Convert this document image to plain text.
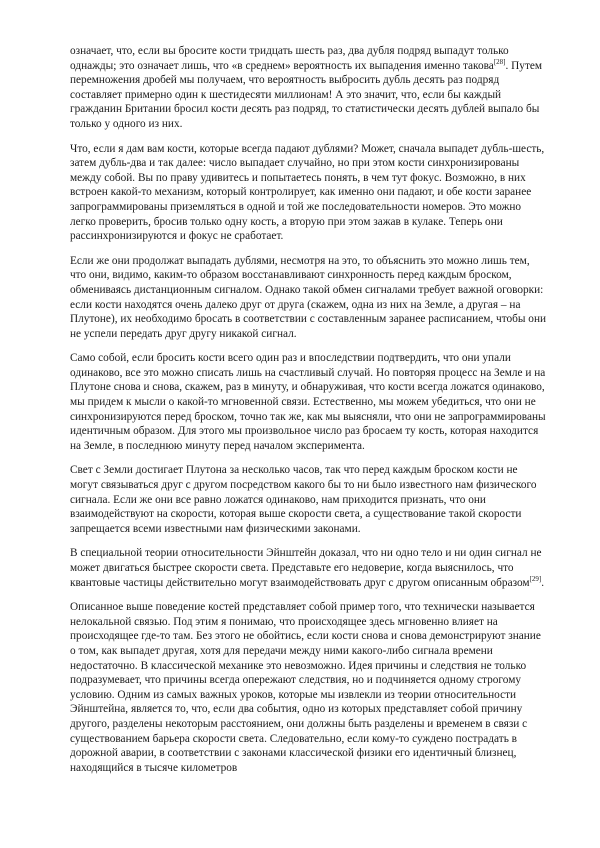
означает, что, если вы бросите кости тридцать шесть раз, два дубля подряд выпадут только однажды; это означает лишь, что «в среднем» вероятность их выпадения именно такова[28]. Путем перемножения дробей мы получаем, что вероятность выбросить дубль десять раз подряд составляет примерно один к шестидесяти миллионам! А это значит, что, если бы каждый гражданин Британии бросил кости десять раз подряд, то статистически десять дублей выпало бы только у одного из них.

Что, если я дам вам кости, которые всегда падают дублями? Может, сначала выпадет дубль-шесть, затем дубль-два и так далее: число выпадает случайно, но при этом кости синхронизированы между собой. Вы по праву удивитесь и попытаетесь понять, в чем тут фокус. Возможно, в них встроен какой-то механизм, который контролирует, как именно они падают, и обе кости заранее запрограммированы приземляться в одной и той же последовательности номеров. Это можно легко проверить, бросив только одну кость, а вторую при этом зажав в кулаке. Теперь они рассинхронизируются и фокус не сработает.

Если же они продолжат выпадать дублями, несмотря на это, то объяснить это можно лишь тем, что они, видимо, каким-то образом восстанавливают синхронность перед каждым броском, обмениваясь дистанционным сигналом. Однако такой обмен сигналами требует важной оговорки: если кости находятся очень далеко друг от друга (скажем, одна из них на Земле, а другая – на Плутоне), их необходимо бросать в соответствии с составленным заранее расписанием, чтобы они не успели передать друг другу никакой сигнал.

Само собой, если бросить кости всего один раз и впоследствии подтвердить, что они упали одинаково, все это можно списать лишь на счастливый случай. Но повторяя процесс на Земле и на Плутоне снова и снова, скажем, раз в минуту, и обнаруживая, что кости всегда ложатся одинаково, мы придем к мысли о какой-то мгновенной связи. Естественно, мы можем убедиться, что они не синхронизируются перед броском, точно так же, как мы выясняли, что они не запрограммированы идентичным образом. Для этого мы произвольное число раз бросаем ту кость, которая находится на Земле, в последнюю минуту перед началом эксперимента.

Свет с Земли достигает Плутона за несколько часов, так что перед каждым броском кости не могут связываться друг с другом посредством какого бы то ни было известного нам физического сигнала. Если же они все равно ложатся одинаково, нам приходится признать, что они взаимодействуют на скорости, которая выше скорости света, а существование такой скорости запрещается всеми известными нам физическими законами.

В специальной теории относительности Эйнштейн доказал, что ни одно тело и ни один сигнал не может двигаться быстрее скорости света. Представьте его недоверие, когда выяснилось, что квантовые частицы действительно могут взаимодействовать друг с другом описанным образом[29].

Описанное выше поведение костей представляет собой пример того, что технически называется нелокальной связью. Под этим я понимаю, что происходящее здесь мгновенно влияет на происходящее где-то там. Без этого не обойтись, если кости снова и снова демонстрируют знание о том, как выпадет другая, хотя для передачи между ними какого-либо сигнала времени недостаточно. В классической механике это невозможно. Идея причины и следствия не только подразумевает, что причины всегда опережают следствия, но и подчиняется одному строгому условию. Одним из самых важных уроков, которые мы извлекли из теории относительности Эйнштейна, является то, что, если два события, одно из которых представляет собой причину другого, разделены некоторым расстоянием, они должны быть разделены и временем в связи с существованием барьера скорости света. Следовательно, если кому-то суждено пострадать в дорожной аварии, в соответствии с законами классической физики его идентичный близнец, находящийся в тысяче километров
